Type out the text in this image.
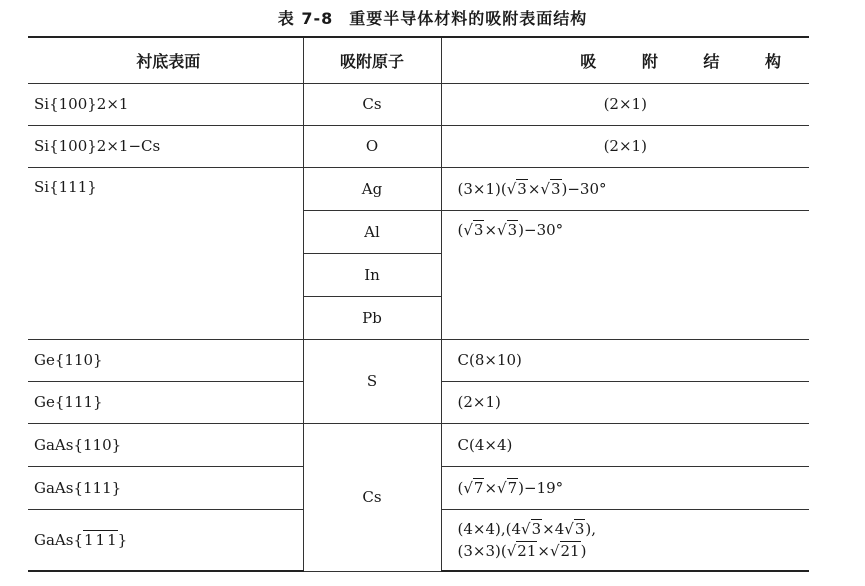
表 7-8 重要半导体材料的吸附表面结构
衬底表面	吸附原子	吸 附 结 构
Si{100}2×1	Cs	(2×1)
Si{100}2×1−Cs	O	(2×1)
Si{111}	Ag	(3×1)(√3×√3)−30°
	Al	(√3×√3)−30°
	In	
	Pb	
Ge{110}	S	C(8×10)
Ge{111}		(2×1)
GaAs{110}	Cs	C(4×4)
GaAs{111}		(√7×√7)−19°
GaAs{1 1 1}		(4×4),(4√3×4√3),
(3×3)(√21×√21)
